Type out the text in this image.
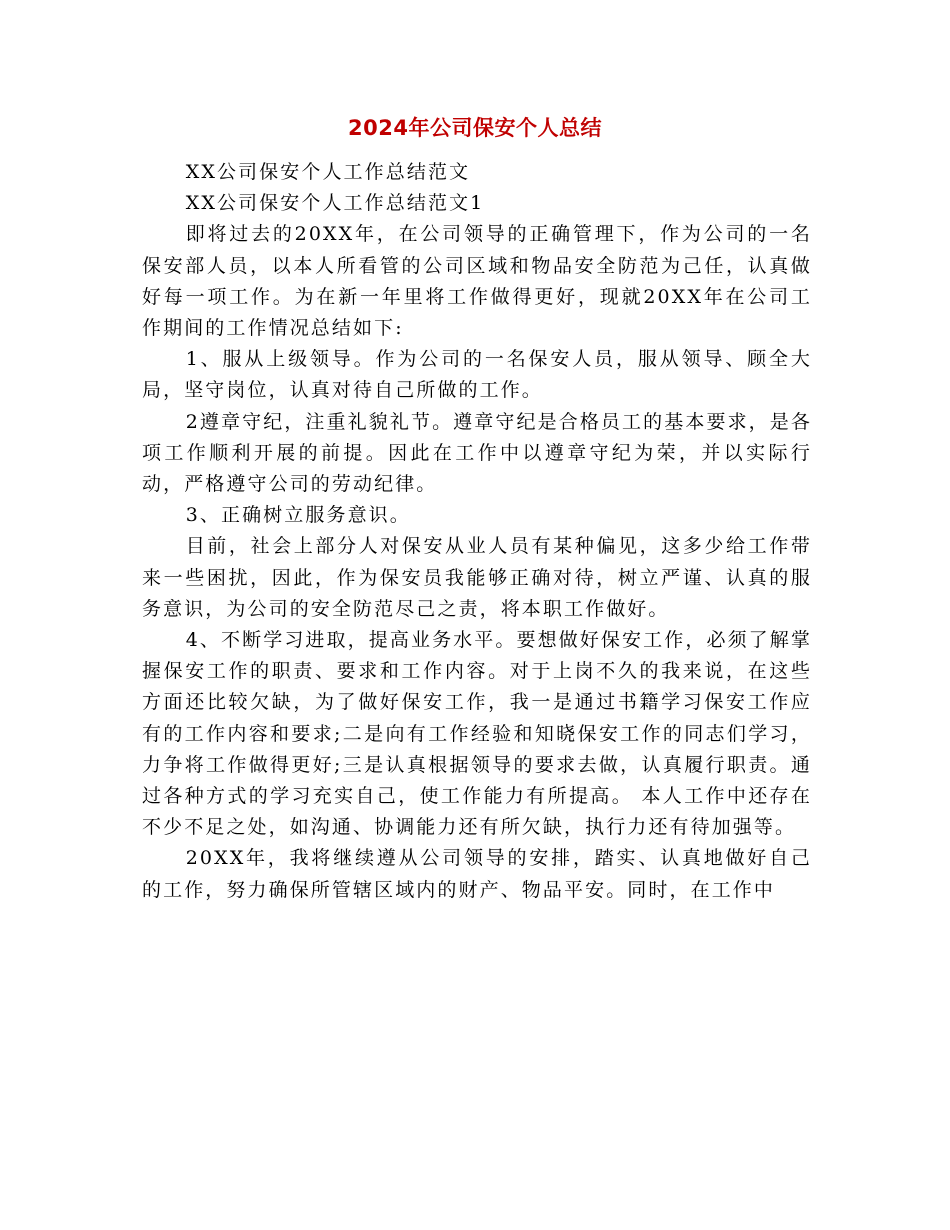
2024年公司保安个人总结

XX公司保安个人工作总结范文

XX公司保安个人工作总结范文1

即将过去的20XX年，在公司领导的正确管理下，作为公司的一名保安部人员，以本人所看管的公司区域和物品安全防范为己任，认真做好每一项工作。为在新一年里将工作做得更好，现就20XX年在公司工作期间的工作情况总结如下:

1、服从上级领导。作为公司的一名保安人员，服从领导、顾全大局，坚守岗位，认真对待自己所做的工作。

2遵章守纪，注重礼貌礼节。遵章守纪是合格员工的基本要求，是各项工作顺利开展的前提。因此在工作中以遵章守纪为荣，并以实际行动，严格遵守公司的劳动纪律。

3、正确树立服务意识。

目前，社会上部分人对保安从业人员有某种偏见，这多少给工作带来一些困扰，因此，作为保安员我能够正确对待，树立严谨、认真的服务意识，为公司的安全防范尽己之责，将本职工作做好。

4、不断学习进取，提高业务水平。要想做好保安工作，必须了解掌握保安工作的职责、要求和工作内容。对于上岗不久的我来说，在这些方面还比较欠缺，为了做好保安工作，我一是通过书籍学习保安工作应有的工作内容和要求;二是向有工作经验和知晓保安工作的同志们学习，力争将工作做得更好;三是认真根据领导的要求去做，认真履行职责。通过各种方式的学习充实自己，使工作能力有所提高。 本人工作中还存在不少不足之处，如沟通、协调能力还有所欠缺，执行力还有待加强等。

20XX年，我将继续遵从公司领导的安排，踏实、认真地做好自己的工作，努力确保所管辖区域内的财产、物品平安。同时，在工作中
